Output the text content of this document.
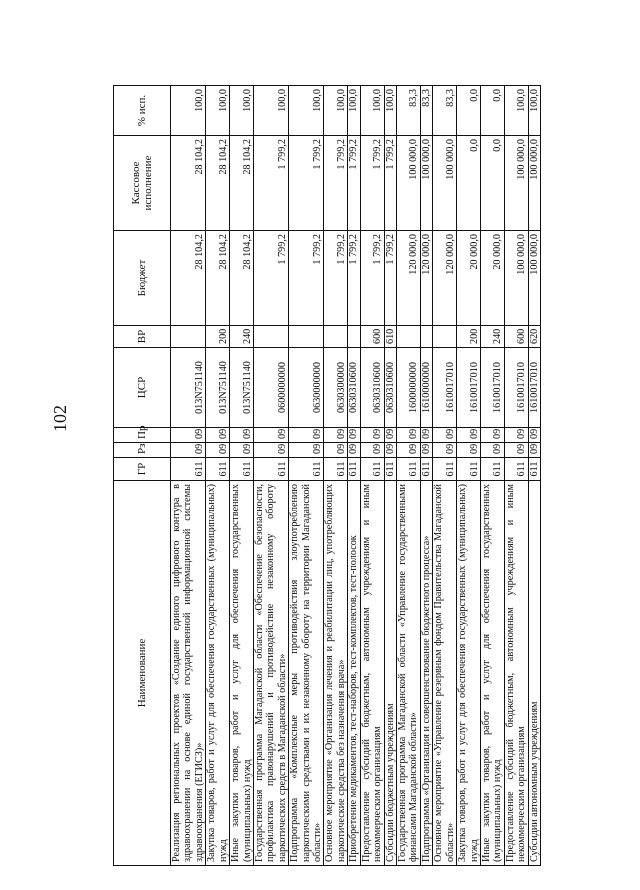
102
Наименование	ГР	Рз	Пр	ЦСР	ВР	Бюджет	Кассовое исполнение	% исп.
Реализация региональных проектов «Создание единого цифрового контура в здравоохранении на основе единой государственной информационной системы здравоохранения (ЕГИСЗ)»	611	09	09	013N751140		28 104,2	28 104,2	100,0
Закупка товаров, работ и услуг для обеспечения государственных (муниципальных) нужд	611	09	09	013N751140	200	28 104,2	28 104,2	100,0
Иные закупки товаров, работ и услуг для обеспечения государственных (муниципальных) нужд	611	09	09	013N751140	240	28 104,2	28 104,2	100,0
Государственная программа Магаданской области «Обеспечение безопасности, профилактика правонарушений и противодействие незаконному обороту наркотических средств в Магаданской области»	611	09	09	0600000000		1 799,2	1 799,2	100,0
Подпрограмма «Комплексные меры противодействия злоупотреблению наркотическими средствами и их незаконному обороту на территории Магаданской области»	611	09	09	0630000000		1 799,2	1 799,2	100,0
Основное мероприятие «Организация лечения и реабилитации лиц, употребляющих наркотические средства без назначения врача»	611	09	09	0630300000		1 799,2	1 799,2	100,0
Приобретение медикаментов, тест-наборов, тест-комплектов, тест-полосок	611	09	09	0630310600		1 799,2	1 799,2	100,0
Предоставление субсидий бюджетным, автономным учреждениям и иным некоммерческим организациям	611	09	09	0630310600	600	1 799,2	1 799,2	100,0
Субсидии бюджетным учреждениям	611	09	09	0630310600	610	1 799,2	1 799,2	100,0
Государственная программа Магаданской области «Управление государственными финансами Магаданской области»	611	09	09	1600000000		120 000,0	100 000,0	83,3
Подпрограмма «Организация и совершенствование бюджетного процесса»	611	09	09	1610000000		120 000,0	100 000,0	83,3
Основное мероприятие «Управление резервным фондом Правительства Магаданской области»	611	09	09	1610017010		120 000,0	100 000,0	83,3
Закупка товаров, работ и услуг для обеспечения государственных (муниципальных) нужд	611	09	09	1610017010	200	20 000,0	0,0	0,0
Иные закупки товаров, работ и услуг для обеспечения государственных (муниципальных) нужд	611	09	09	1610017010	240	20 000,0	0,0	0,0
Предоставление субсидий бюджетным, автономным учреждениям и иным некоммерческим организациям	611	09	09	1610017010	600	100 000,0	100 000,0	100,0
Субсидии автономным учреждениям	611	09	09	1610017010	620	100 000,0	100 000,0	100,0
